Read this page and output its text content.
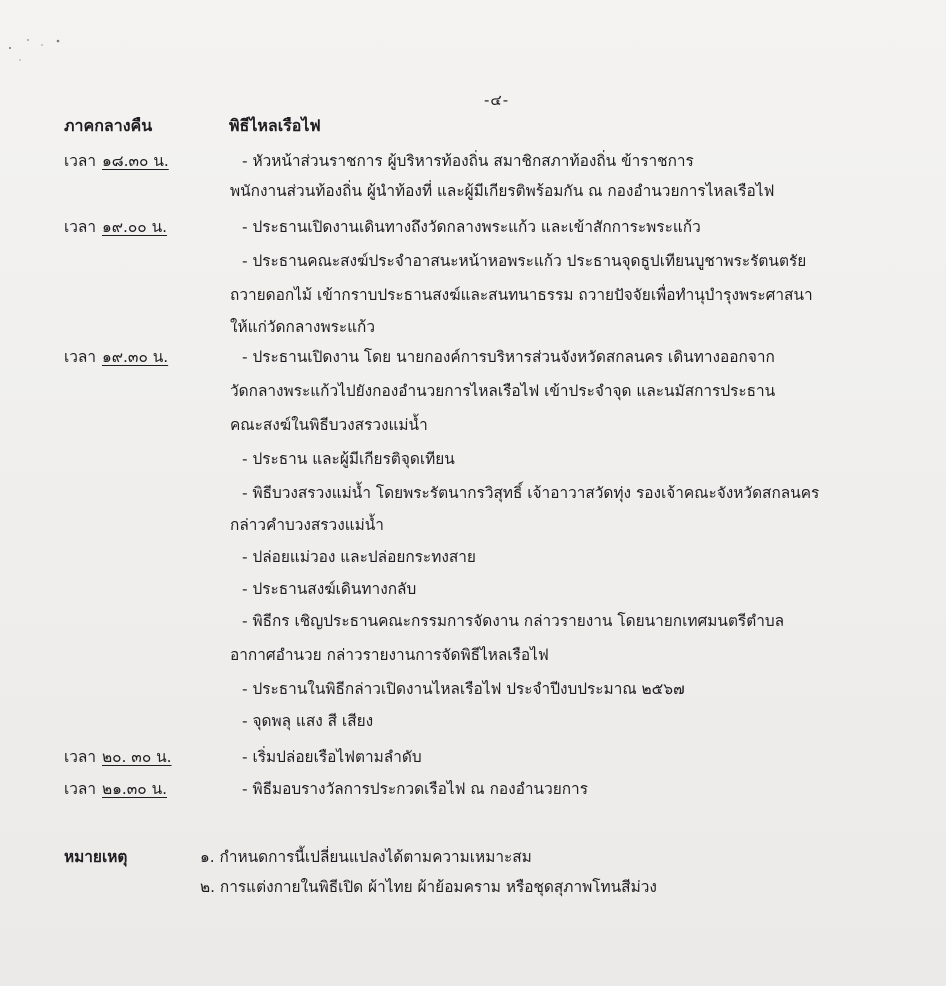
-๔-
ภาคกลางคืน	พิธีไหลเรือไฟ
เวลา ๑๘.๓๐ น.	- หัวหน้าส่วนราชการ ผู้บริหารท้องถิ่น สมาชิกสภาท้องถิ่น ข้าราชการ
พนักงานส่วนท้องถิ่น ผู้นำท้องที่ และผู้มีเกียรติพร้อมกัน ณ กองอำนวยการไหลเรือไฟ
เวลา ๑๙.๐๐ น.	- ประธานเปิดงานเดินทางถึงวัดกลางพระแก้ว และเข้าสักการะพระแก้ว
- ประธานคณะสงฆ์ประจำอาสนะหน้าหอพระแก้ว ประธานจุดธูปเทียนบูชาพระรัตนตรัย
ถวายดอกไม้ เข้ากราบประธานสงฆ์และสนทนาธรรม ถวายปัจจัยเพื่อทำนุบำรุงพระศาสนา
ให้แก่วัดกลางพระแก้ว
เวลา ๑๙.๓๐ น.	- ประธานเปิดงาน โดย นายกองค์การบริหารส่วนจังหวัดสกลนคร เดินทางออกจาก
วัดกลางพระแก้วไปยังกองอำนวยการไหลเรือไฟ เข้าประจำจุด และนมัสการประธาน
คณะสงฆ์ในพิธีบวงสรวงแม่น้ำ
- ประธาน และผู้มีเกียรติจุดเทียน
- พิธีบวงสรวงแม่น้ำ โดยพระรัตนากรวิสุทธิ์ เจ้าอาวาสวัดทุ่ง รองเจ้าคณะจังหวัดสกลนคร
กล่าวคำบวงสรวงแม่น้ำ
- ปล่อยแม่วอง และปล่อยกระทงสาย
- ประธานสงฆ์เดินทางกลับ
- พิธีกร เชิญประธานคณะกรรมการจัดงาน กล่าวรายงาน โดยนายกเทศมนตรีตำบล
อากาศอำนวย กล่าวรายงานการจัดพิธีไหลเรือไฟ
- ประธานในพิธีกล่าวเปิดงานไหลเรือไฟ ประจำปีงบประมาณ ๒๕๖๗
- จุดพลุ แสง สี เสียง
เวลา ๒๐. ๓๐ น.	- เริ่มปล่อยเรือไฟตามลำดับ
เวลา ๒๑.๓๐ น.	- พิธีมอบรางวัลการประกวดเรือไฟ ณ กองอำนวยการ
หมายเหตุ	๑. กำหนดการนี้เปลี่ยนแปลงได้ตามความเหมาะสม
๒. การแต่งกายในพิธีเปิด ผ้าไทย ผ้าย้อมคราม หรือชุดสุภาพโทนสีม่วง
